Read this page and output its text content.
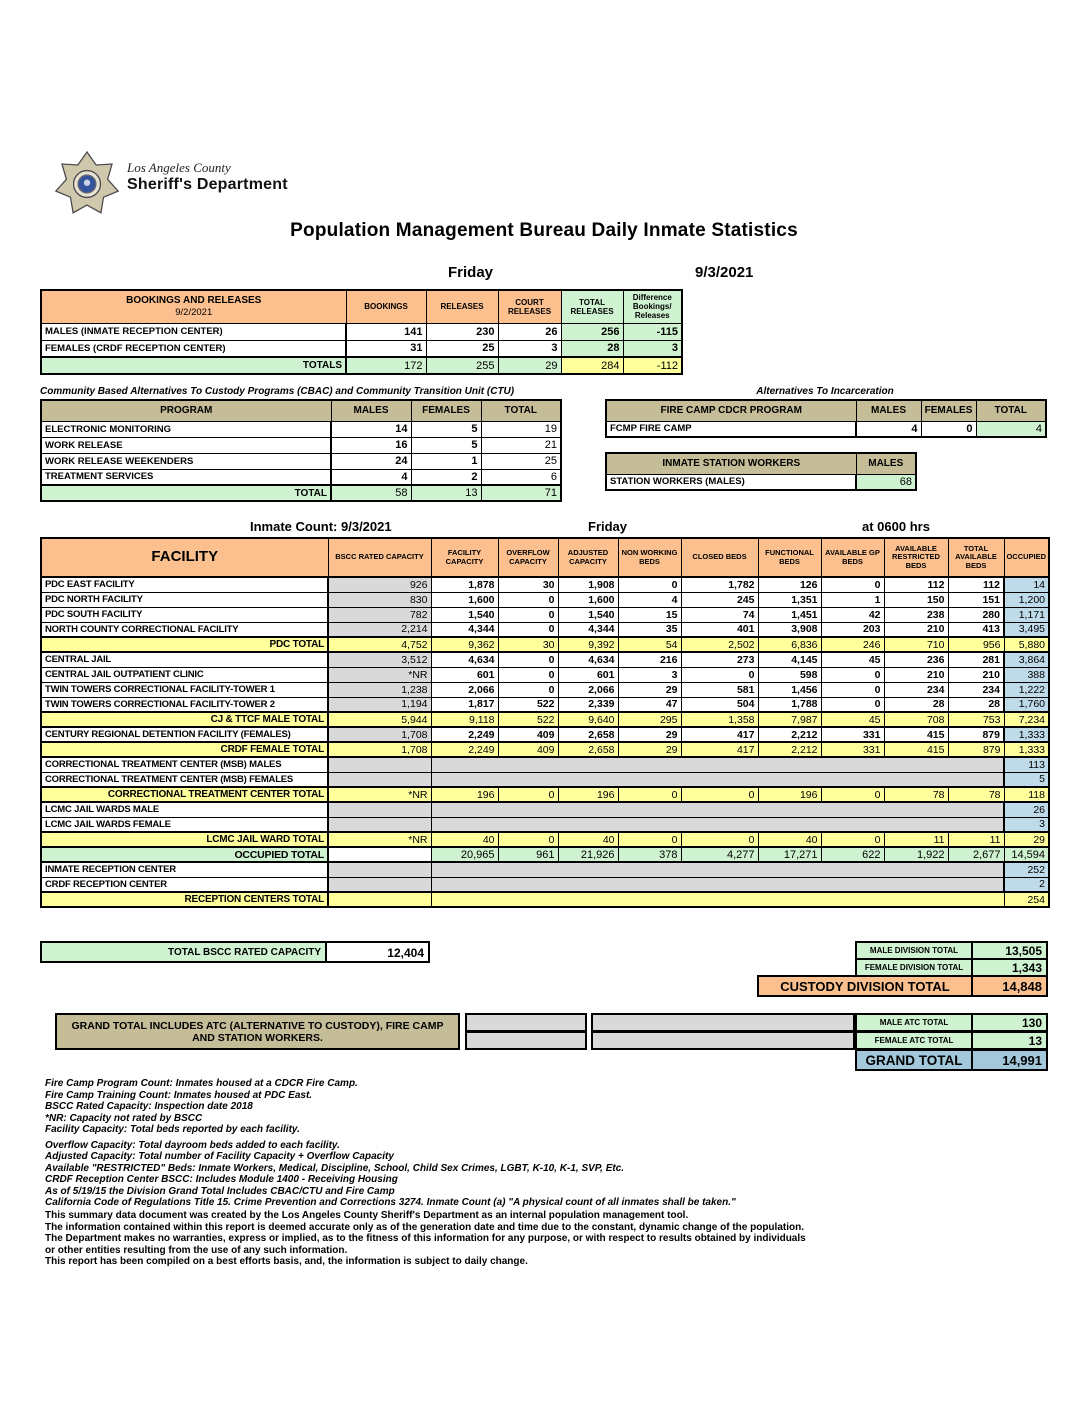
Los Angeles County
Sheriff's Department
Population Management Bureau Daily Inmate Statistics
Friday	9/3/2021
BOOKINGS AND RELEASES
9/2/2021	BOOKINGS	RELEASES	COURT RELEASES	TOTAL RELEASES	Difference Bookings/ Releases
MALES (INMATE RECEPTION CENTER)	141	230	26	256	-115
FEMALES (CRDF RECEPTION CENTER)	31	25	3	28	3
TOTALS	172	255	29	284	-112
Community Based Alternatives To Custody Programs (CBAC) and Community Transition Unit (CTU)
PROGRAM	MALES	FEMALES	TOTAL
ELECTRONIC MONITORING	14	5	19
WORK RELEASE	16	5	21
WORK RELEASE WEEKENDERS	24	1	25
TREATMENT SERVICES	4	2	6
TOTAL	58	13	71
Alternatives To Incarceration
FIRE CAMP CDCR PROGRAM	MALES	FEMALES	TOTAL
FCMP FIRE CAMP	4	0	4
INMATE STATION WORKERS	MALES
STATION WORKERS (MALES)	68
Inmate Count: 9/3/2021	Friday	at 0600 hrs
FACILITY	BSCC RATED CAPACITY	FACILITY CAPACITY	OVERFLOW CAPACITY	ADJUSTED CAPACITY	NON WORKING BEDS	CLOSED BEDS	FUNCTIONAL BEDS	AVAILABLE GP BEDS	AVAILABLE RESTRICTED BEDS	TOTAL AVAILABLE BEDS	OCCUPIED
PDC EAST FACILITY	926	1,878	30	1,908	0	1,782	126	0	112	112	14
PDC NORTH FACILITY	830	1,600	0	1,600	4	245	1,351	1	150	151	1,200
PDC SOUTH FACILITY	782	1,540	0	1,540	15	74	1,451	42	238	280	1,171
NORTH COUNTY CORRECTIONAL FACILITY	2,214	4,344	0	4,344	35	401	3,908	203	210	413	3,495
PDC TOTAL	4,752	9,362	30	9,392	54	2,502	6,836	246	710	956	5,880
CENTRAL JAIL	3,512	4,634	0	4,634	216	273	4,145	45	236	281	3,864
CENTRAL JAIL OUTPATIENT CLINIC	*NR	601	0	601	3	0	598	0	210	210	388
TWIN TOWERS CORRECTIONAL FACILITY-TOWER 1	1,238	2,066	0	2,066	29	581	1,456	0	234	234	1,222
TWIN TOWERS CORRECTIONAL FACILITY-TOWER 2	1,194	1,817	522	2,339	47	504	1,788	0	28	28	1,760
CJ & TTCF MALE TOTAL	5,944	9,118	522	9,640	295	1,358	7,987	45	708	753	7,234
CENTURY REGIONAL DETENTION FACILITY (FEMALES)	1,708	2,249	409	2,658	29	417	2,212	331	415	879	1,333
CRDF FEMALE TOTAL	1,708	2,249	409	2,658	29	417	2,212	331	415	879	1,333
CORRECTIONAL TREATMENT CENTER (MSB) MALES											113
CORRECTIONAL TREATMENT CENTER (MSB) FEMALES											5
CORRECTIONAL TREATMENT CENTER TOTAL	*NR	196	0	196	0	0	196	0	78	78	118
LCMC JAIL WARDS MALE											26
LCMC JAIL WARDS FEMALE											3
LCMC JAIL WARD TOTAL	*NR	40	0	40	0	0	40	0	11	11	29
OCCUPIED TOTAL		20,965	961	21,926	378	4,277	17,271	622	1,922	2,677	14,594
INMATE RECEPTION CENTER											252
CRDF RECEPTION CENTER											2
RECEPTION CENTERS TOTAL											254
TOTAL BSCC RATED CAPACITY	12,404	MALE DIVISION TOTAL	13,505
FEMALE DIVISION TOTAL	1,343
CUSTODY DIVISION TOTAL	14,848
GRAND TOTAL INCLUDES ATC (ALTERNATIVE TO CUSTODY), FIRE CAMP AND STATION WORKERS.
MALE ATC TOTAL	130
FEMALE ATC TOTAL	13
GRAND TOTAL	14,991
Fire Camp Program Count: Inmates housed at a CDCR Fire Camp.
Fire Camp Training Count: Inmates housed at PDC East.
BSCC Rated Capacity: Inspection date 2018
*NR: Capacity not rated by BSCC
Facility Capacity: Total beds reported by each facility.
Overflow Capacity: Total dayroom beds added to each facility.
Adjusted Capacity: Total number of Facility Capacity + Overflow Capacity
Available "RESTRICTED" Beds: Inmate Workers, Medical, Discipline, School, Child Sex Crimes, LGBT, K-10, K-1, SVP, Etc.
CRDF Reception Center BSCC: Includes Module 1400 - Receiving Housing
As of 5/19/15 the Division Grand Total Includes CBAC/CTU and Fire Camp
California Code of Regulations Title 15. Crime Prevention and Corrections 3274. Inmate Count (a) "A physical count of all inmates shall be taken."
This summary data document was created by the Los Angeles County Sheriff's Department as an internal population management tool.
The information contained within this report is deemed accurate only as of the generation date and time due to the constant, dynamic change of the population.
The Department makes no warranties, express or implied, as to the fitness of this information for any purpose, or with respect to results obtained by individuals
or other entities resulting from the use of any such information.
This report has been compiled on a best efforts basis, and, the information is subject to daily change.
